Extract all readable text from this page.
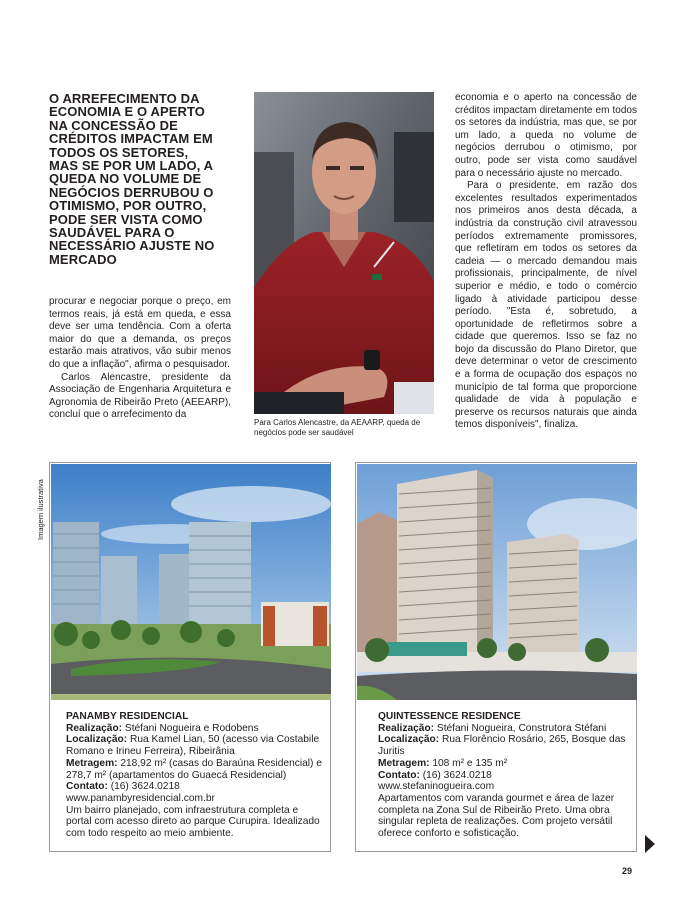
O ARREFECIMENTO DA ECONOMIA E O APERTO NA CONCESSÃO DE CRÉDITOS IMPACTAM EM TODOS OS SETORES, MAS SE POR UM LADO, A QUEDA NO VOLUME DE NEGÓCIOS DERRUBOU O OTIMISMO, POR OUTRO, PODE SER VISTA COMO SAUDÁVEL PARA O NECESSÁRIO AJUSTE NO MERCADO

procurar e negociar porque o preço, em termos reais, já está em queda, e essa deve ser uma tendência. Com a oferta maior do que a demanda, os preços estarão mais atrativos, vão subir menos do que a inflação", afirma o pesquisador.

Carlos Alencastre, presidente da Associação de Engenharia Arquitetura e Agronomia de Ribeirão Preto (AEEARP), concluí que o arrefecimento da

Para Carlos Alencastre, da AEAARP, queda de negócios pode ser saudável

economia e o aperto na concessão de créditos impactam diretamente em todos os setores da indústria, mas que, se por um lado, a queda no volume de negócios derrubou o otimismo, por outro, pode ser vista como saudável para o necessário ajuste no mercado.

Para o presidente, em razão dos excelentes resultados experimentados nos primeiros anos desta década, a indústria da construção civil atravessou períodos extremamente promissores, que refletiram em todos os setores da cadeia — o mercado demandou mais profissionais, principalmente, de nível superior e médio, e todo o comércio ligado à atividade participou desse período. "Esta é, sobretudo, a oportunidade de refletirmos sobre a cidade que queremos. Isso se faz no bojo da discussão do Plano Diretor, que deve determinar o vetor de crescimento e a forma de ocupação dos espaços no município de tal forma que proporcione qualidade de vida à população e preserve os recursos naturais que ainda temos disponíveis", finaliza.

Imagem ilustrativa
PANAMBY RESIDENCIAL
Realização: Stéfani Nogueira e Rodobens
Localização: Rua Kamel Lian, 50 (acesso via Costabile Romano e Irineu Ferreira), Ribeirânia
Metragem: 218,92 m² (casas do Baraúna Residencial) e 278,7 m² (apartamentos do Guaecá Residencial)
Contato: (16) 3624.0218
www.panambyresidencial.com.br
Um bairro planejado, com infraestrutura completa e portal com acesso direto ao parque Curupira. Idealizado com todo respeito ao meio ambiente.
QUINTESSENCE RESIDENCE
Realização: Stéfani Nogueira, Construtora Stéfani
Localização: Rua Florêncio Rosário, 265, Bosque das Juritis
Metragem: 108 m² e 135 m²
Contato: (16) 3624.0218
www.stefaninogueira.com
Apartamentos com varanda gourmet e área de lazer completa na Zona Sul de Ribeirão Preto. Uma obra singular repleta de realizações. Com projeto versátil oferece conforto e sofisticação.
29
